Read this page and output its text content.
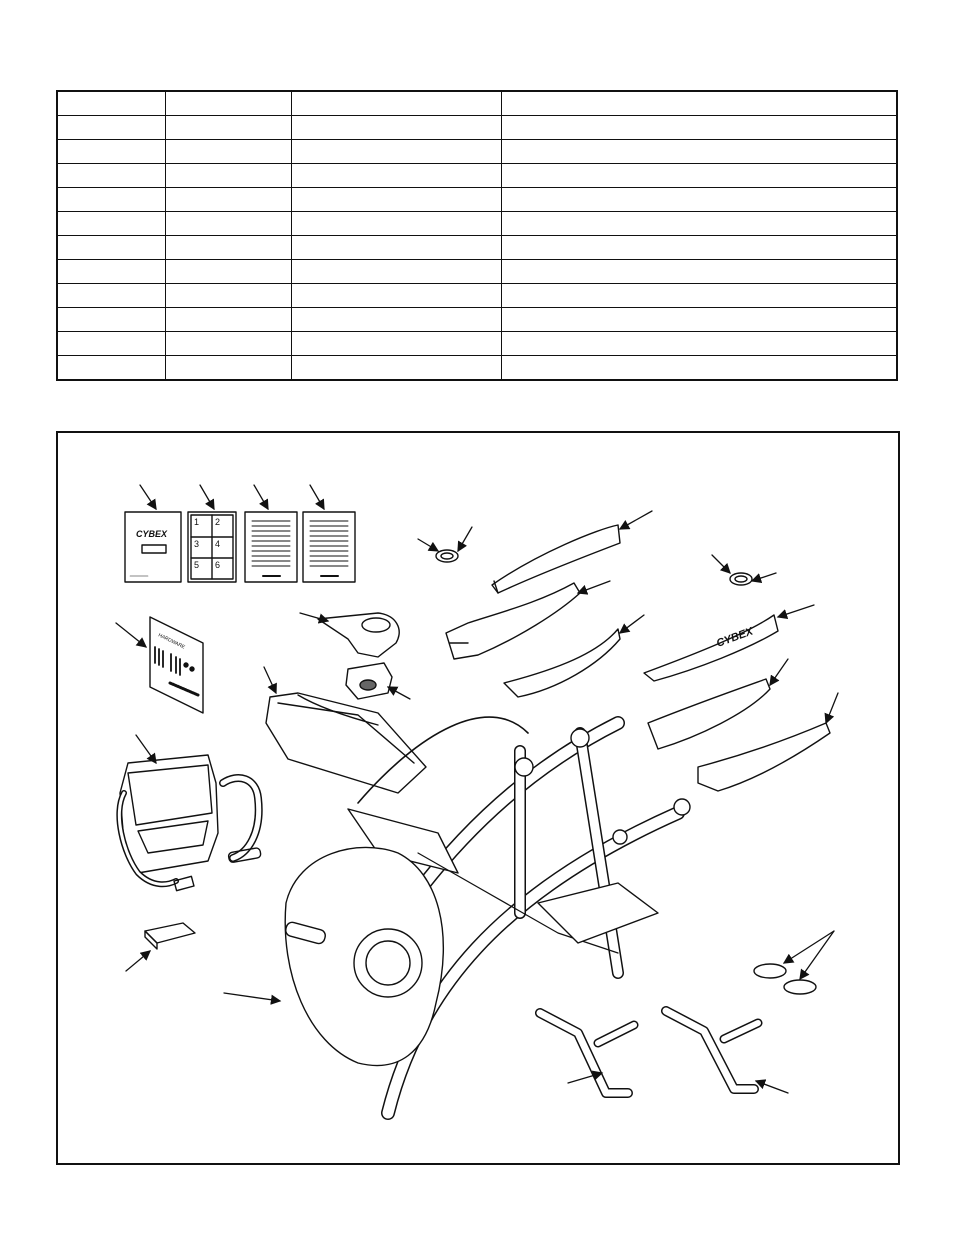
CYBEX
1 2
3 4
5 6
HARDWARE	CYBEX
